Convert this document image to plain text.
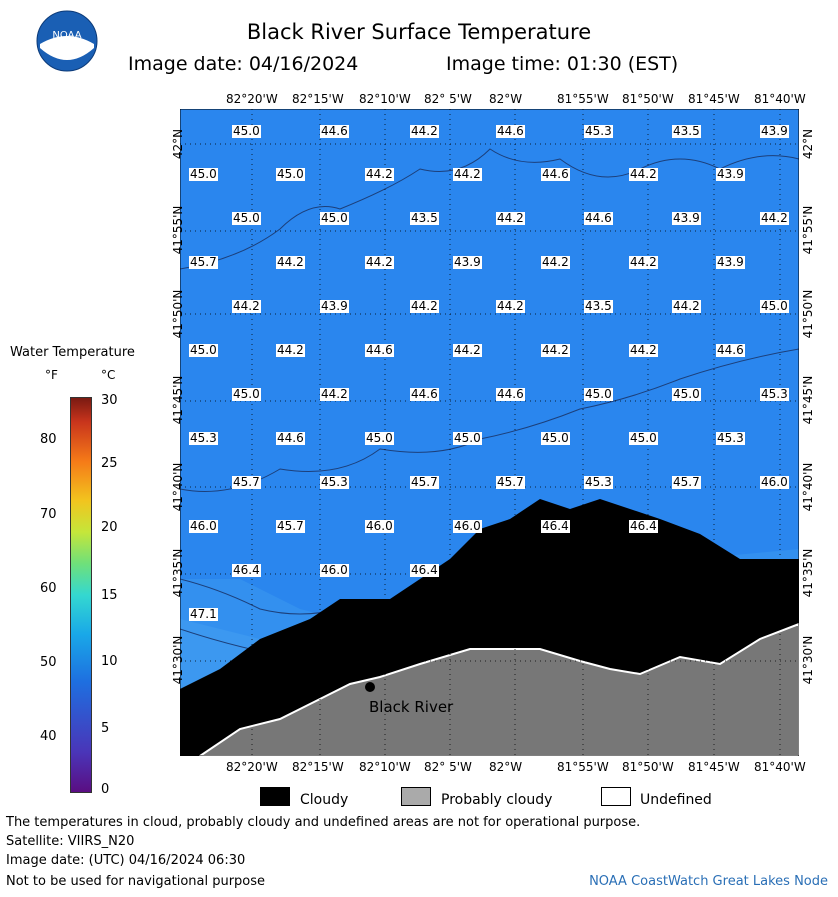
NOAA	Black River Surface Temperature
Image date: 04/16/2024	Image time: 01:30 (EST)
45.0	44.6	44.2	44.6	45.3	43.5	43.9
45.0	45.0	44.2	44.2	44.6	44.2	43.9
45.0	45.0	43.5	44.2	44.6	43.9	44.2
45.7	44.2	44.2	43.9	44.2	44.2	43.9
44.2	43.9	44.2	44.2	43.5	44.2	45.0
45.0	44.2	44.6	44.2	44.2	44.2	44.6
45.0	44.2	44.6	44.6	45.0	45.0	45.3
45.3	44.6	45.0	45.0	45.0	45.0	45.3
45.7	45.3	45.7	45.7	45.3	45.7	46.0
46.0	45.7	46.0	46.0	46.4	46.4
46.4	46.0	46.4
47.1
Black River
82°20'W 82°15'W 82°10'W 82° 5'W 82°W	81°55'W 81°50'W 81°45'W 81°40'W
82°20'W 82°15'W 82°10'W 82° 5'W 82°W	81°55'W 81°50'W 81°45'W 81°40'W
42°N
41°55'N
41°50'N
41°45'N
41°40'N
41°35'N
41°30'N
42°N
41°55'N
41°50'N
41°45'N
41°40'N
41°35'N
41°30'N
Water Temperature
°F	°C
80
70
60
50
40
30
25
20
15
10
5
0
Cloudy	Probably cloudy	Undefined
The temperatures in cloud, probably cloudy and undefined areas are not for operational purpose.
Satellite: VIIRS_N20
Image date: (UTC) 04/16/2024 06:30
Not to be used for navigational purpose	NOAA CoastWatch Great Lakes Node
